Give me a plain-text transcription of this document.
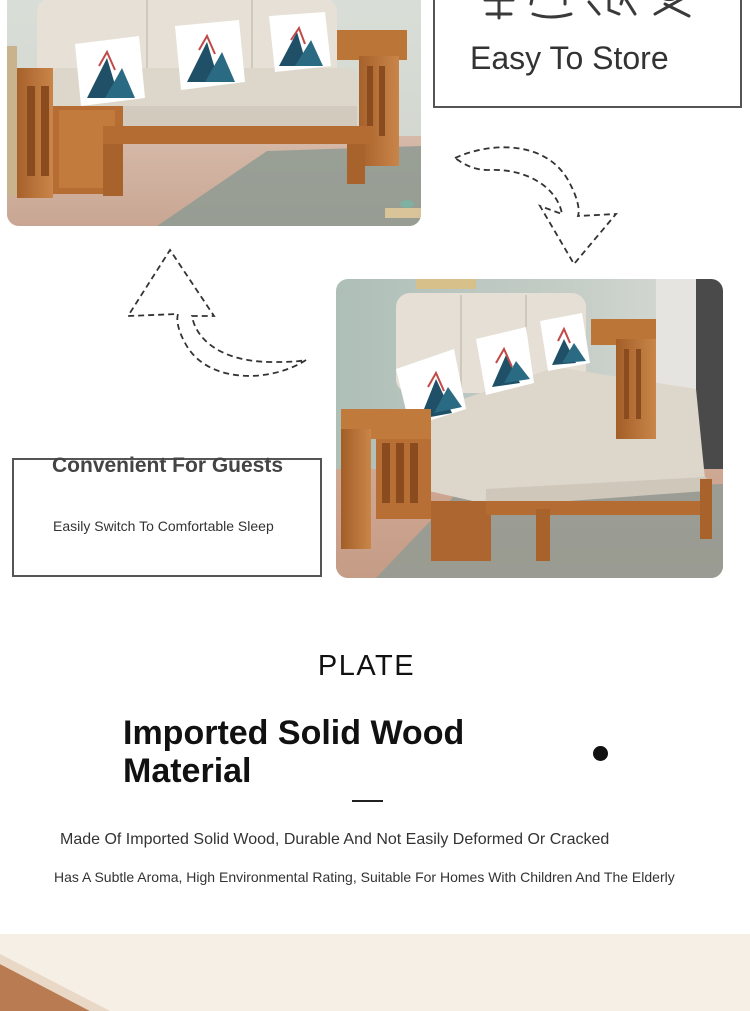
Easy To Store
Convenient For Guests
Easily Switch To Comfortable Sleep
PLATE
Imported Solid Wood Material
Made Of Imported Solid Wood, Durable And Not Easily Deformed Or Cracked
Has A Subtle Aroma, High Environmental Rating, Suitable For Homes With Children And The Elderly
